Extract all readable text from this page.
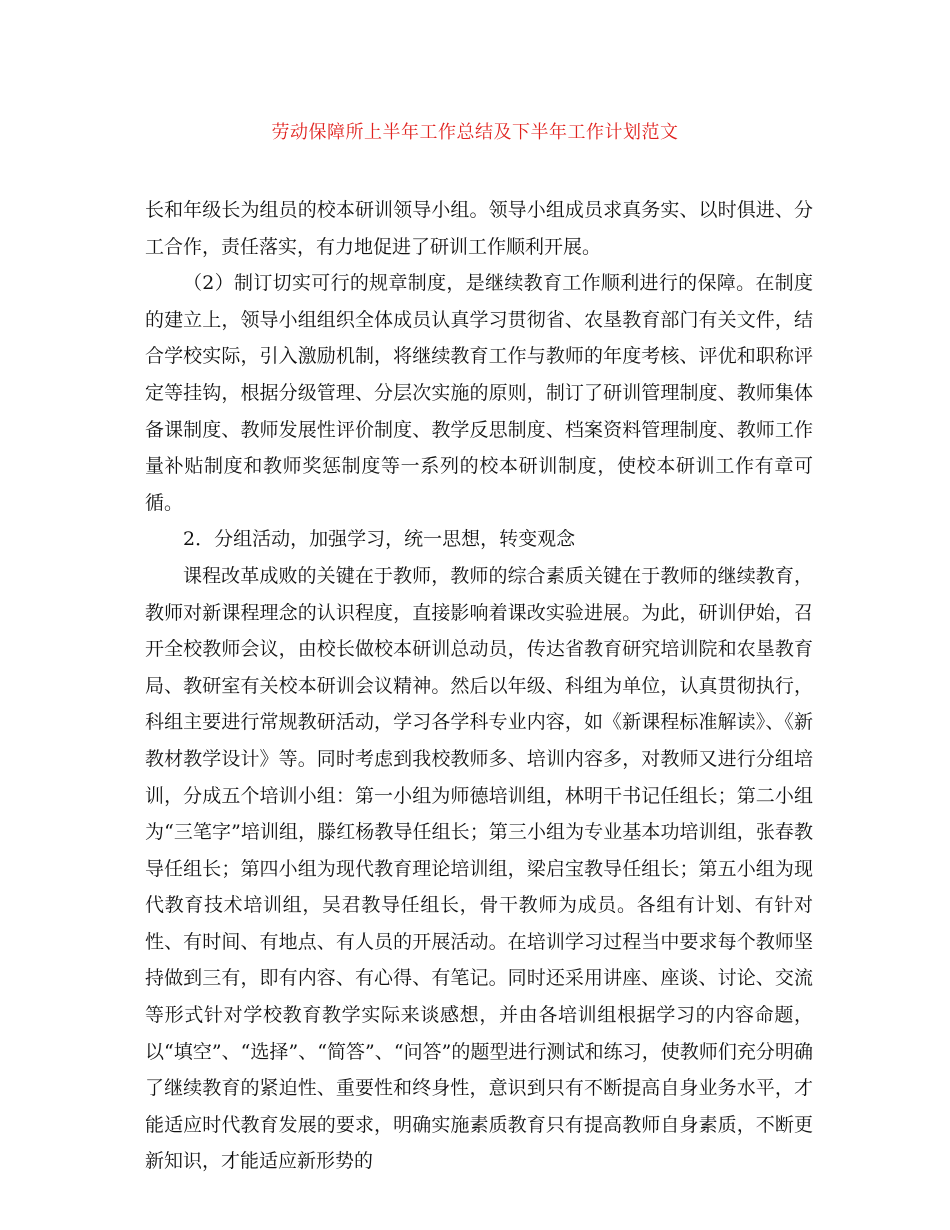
劳动保障所上半年工作总结及下半年工作计划范文

长和年级长为组员的校本研训领导小组。领导小组成员求真务实、以时俱进、分工合作，责任落实，有力地促进了研训工作顺利开展。

（2）制订切实可行的规章制度，是继续教育工作顺利进行的保障。在制度的建立上，领导小组组织全体成员认真学习贯彻省、农垦教育部门有关文件，结合学校实际，引入激励机制，将继续教育工作与教师的年度考核、评优和职称评定等挂钩，根据分级管理、分层次实施的原则，制订了研训管理制度、教师集体备课制度、教师发展性评价制度、教学反思制度、档案资料管理制度、教师工作量补贴制度和教师奖惩制度等一系列的校本研训制度，使校本研训工作有章可循。

2．分组活动，加强学习，统一思想，转变观念

课程改革成败的关键在于教师，教师的综合素质关键在于教师的继续教育，教师对新课程理念的认识程度，直接影响着课改实验进展。为此，研训伊始，召开全校教师会议，由校长做校本研训总动员，传达省教育研究培训院和农垦教育局、教研室有关校本研训会议精神。然后以年级、科组为单位，认真贯彻执行，科组主要进行常规教研活动，学习各学科专业内容，如《新课程标准解读》、《新教材教学设计》等。同时考虑到我校教师多、培训内容多，对教师又进行分组培训，分成五个培训小组：第一小组为师德培训组，林明干书记任组长；第二小组为“三笔字”培训组，滕红杨教导任组长；第三小组为专业基本功培训组，张春教导任组长；第四小组为现代教育理论培训组，梁启宝教导任组长；第五小组为现代教育技术培训组，吴君教导任组长，骨干教师为成员。各组有计划、有针对性、有时间、有地点、有人员的开展活动。在培训学习过程当中要求每个教师坚持做到三有，即有内容、有心得、有笔记。同时还采用讲座、座谈、讨论、交流等形式针对学校教育教学实际来谈感想，并由各培训组根据学习的内容命题，以“填空”、“选择”、“简答”、“问答”的题型进行测试和练习，使教师们充分明确了继续教育的紧迫性、重要性和终身性，意识到只有不断提高自身业务水平，才能适应时代教育发展的要求，明确实施素质教育只有提高教师自身素质，不断更新知识，才能适应新形势的
